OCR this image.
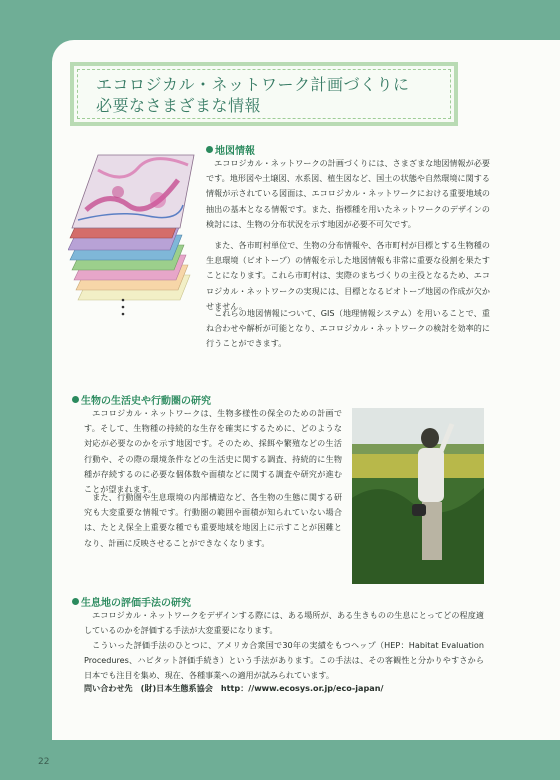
エコロジカル・ネットワーク計画づくりに
必要なさまざまな情報
地図情報

エコロジカル・ネットワークの計画づくりには、さまざまな地図情報が必要です。地形図や土壌図、水系図、植生図など、国土の状態や自然環境に関する情報が示されている図面は、エコロジカル・ネットワークにおける重要地域の抽出の基本となる情報です。また、指標種を用いたネットワークのデザインの検討には、生物の分布状況を示す地図が必要不可欠です。

また、各市町村単位で、生物の分布情報や、各市町村が目標とする生物種の生息環境（ビオトープ）の情報を示した地図情報も非常に重要な役割を果たすことになります。これら市町村は、実際のまちづくりの主役となるため、エコロジカル・ネットワークの実現には、目標となるビオトープ地図の作成が欠かせません。

これらの地図情報について、GIS（地理情報システム）を用いることで、重ね合わせや解析が可能となり、エコロジカル・ネットワークの検討を効率的に行うことができます。

生物の生活史や行動圏の研究

エコロジカル・ネットワークは、生物多様性の保全のための計画です。そして、生物種の持続的な生存を確実にするために、どのような対応が必要なのかを示す地図です。そのため、採餌や繁殖などの生活行動や、その際の環境条件などの生活史に関する調査、持続的に生物種が存続するのに必要な個体数や面積などに関する調査や研究が進むことが望まれます。

また、行動圏や生息環境の内部構造など、各生物の生態に関する研究も大変重要な情報です。行動圏の範囲や面積が知られていない場合は、たとえ保全上重要な種でも重要地域を地図上に示すことが困難となり、計画に反映させることができなくなります。

生息地の評価手法の研究

エコロジカル・ネットワークをデザインする際には、ある場所が、ある生きものの生息にとってどの程度適しているのかを評価する手法が大変重要になります。

こういった評価手法のひとつに、アメリカ合衆国で30年の実績をもつヘップ（HEP：Habitat Evaluation Procedures、ハビタット評価手続き）という手法があります。この手法は、その客観性と分かりやすさから日本でも注目を集め、現在、各種事業への適用が試みられています。

問い合わせ先　(財)日本生態系協会　http：//www.ecosys.or.jp/eco-japan/
22
